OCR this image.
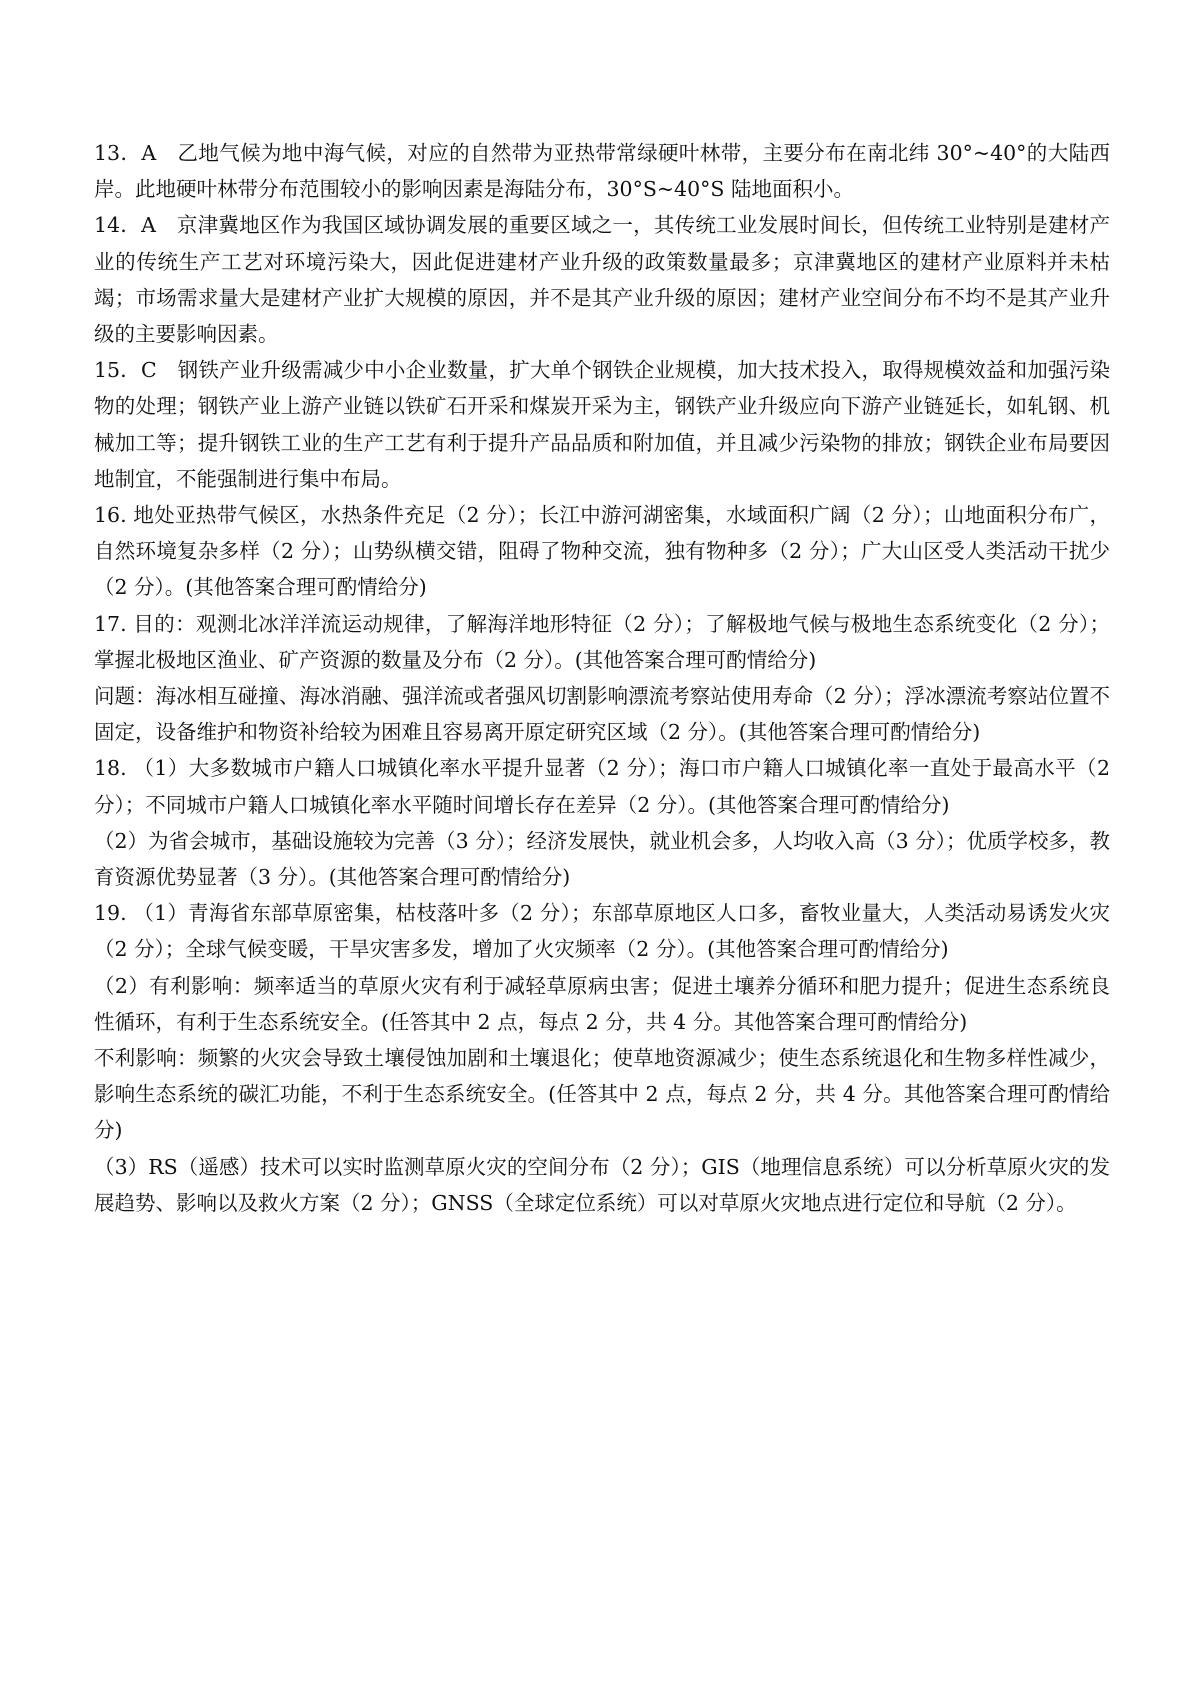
13．A　乙地气候为地中海气候，对应的自然带为亚热带常绿硬叶林带，主要分布在南北纬 30°~40°的大陆西岸。此地硬叶林带分布范围较小的影响因素是海陆分布，30°S~40°S 陆地面积小。

14．A　京津冀地区作为我国区域协调发展的重要区域之一，其传统工业发展时间长，但传统工业特别是建材产业的传统生产工艺对环境污染大，因此促进建材产业升级的政策数量最多；京津冀地区的建材产业原料并未枯竭；市场需求量大是建材产业扩大规模的原因，并不是其产业升级的原因；建材产业空间分布不均不是其产业升级的主要影响因素。

15．C　钢铁产业升级需减少中小企业数量，扩大单个钢铁企业规模，加大技术投入，取得规模效益和加强污染物的处理；钢铁产业上游产业链以铁矿石开采和煤炭开采为主，钢铁产业升级应向下游产业链延长，如轧钢、机械加工等；提升钢铁工业的生产工艺有利于提升产品品质和附加值，并且减少污染物的排放；钢铁企业布局要因地制宜，不能强制进行集中布局。

16. 地处亚热带气候区，水热条件充足（2 分）；长江中游河湖密集，水域面积广阔（2 分）；山地面积分布广，自然环境复杂多样（2 分）；山势纵横交错，阻碍了物种交流，独有物种多（2 分）；广大山区受人类活动干扰少（2 分）。(其他答案合理可酌情给分)

17. 目的：观测北冰洋洋流运动规律，了解海洋地形特征（2 分）；了解极地气候与极地生态系统变化（2 分）；掌握北极地区渔业、矿产资源的数量及分布（2 分）。(其他答案合理可酌情给分)

问题：海冰相互碰撞、海冰消融、强洋流或者强风切割影响漂流考察站使用寿命（2 分）；浮冰漂流考察站位置不固定，设备维护和物资补给较为困难且容易离开原定研究区域（2 分）。(其他答案合理可酌情给分)

18. （1）大多数城市户籍人口城镇化率水平提升显著（2 分）；海口市户籍人口城镇化率一直处于最高水平（2 分）；不同城市户籍人口城镇化率水平随时间增长存在差异（2 分）。(其他答案合理可酌情给分)

（2）为省会城市，基础设施较为完善（3 分）；经济发展快，就业机会多，人均收入高（3 分）；优质学校多，教育资源优势显著（3 分）。(其他答案合理可酌情给分)

19. （1）青海省东部草原密集，枯枝落叶多（2 分）；东部草原地区人口多，畜牧业量大，人类活动易诱发火灾（2 分）；全球气候变暖，干旱灾害多发，增加了火灾频率（2 分）。(其他答案合理可酌情给分)

（2）有利影响：频率适当的草原火灾有利于减轻草原病虫害；促进土壤养分循环和肥力提升；促进生态系统良性循环，有利于生态系统安全。(任答其中 2 点，每点 2 分，共 4 分。其他答案合理可酌情给分)

不利影响：频繁的火灾会导致土壤侵蚀加剧和土壤退化；使草地资源减少；使生态系统退化和生物多样性减少，影响生态系统的碳汇功能，不利于生态系统安全。(任答其中 2 点，每点 2 分，共 4 分。其他答案合理可酌情给分)

（3）RS（遥感）技术可以实时监测草原火灾的空间分布（2 分）；GIS（地理信息系统）可以分析草原火灾的发展趋势、影响以及救火方案（2 分）；GNSS（全球定位系统）可以对草原火灾地点进行定位和导航（2 分）。
